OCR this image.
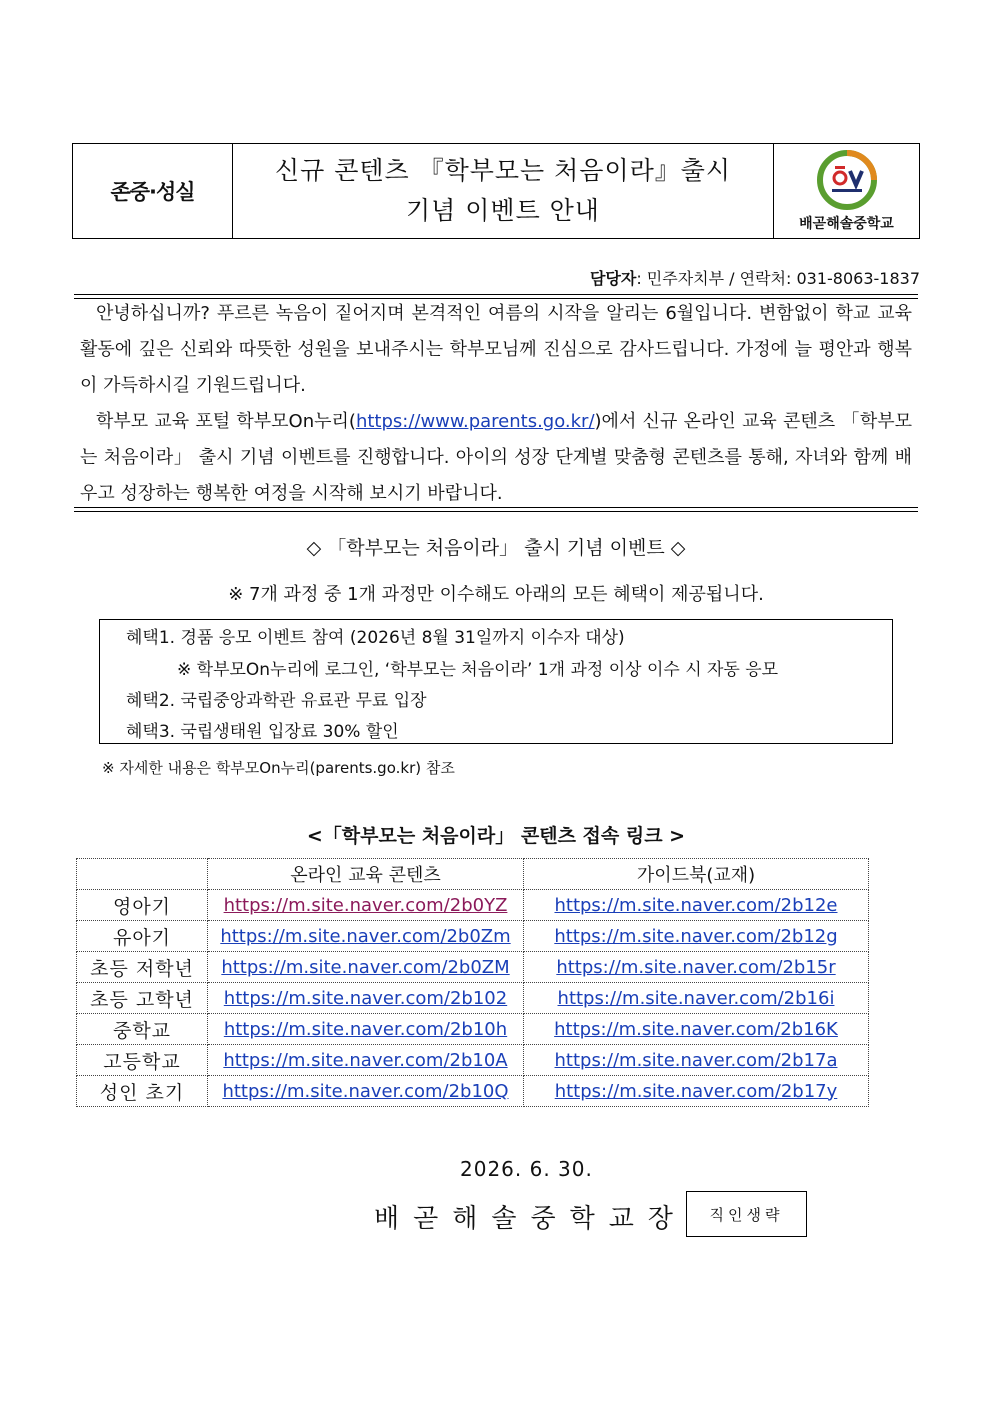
존중·성실
신규 콘텐츠 『학부모는 처음이라』출시
기념 이벤트 안내	배곧해솔중학교
담당자: 민주자치부 / 연락처: 031-8063-1837

안녕하십니까? 푸르른 녹음이 짙어지며 본격적인 여름의 시작을 알리는 6월입니다. 변함없이 학교 교육 활동에 깊은 신뢰와 따뜻한 성원을 보내주시는 학부모님께 진심으로 감사드립니다. 가정에 늘 평안과 행복이 가득하시길 기원드립니다.

학부모 교육 포털 학부모On누리(https://www.parents.go.kr/)에서 신규 온라인 교육 콘텐츠 「학부모는 처음이라」 출시 기념 이벤트를 진행합니다. 아이의 성장 단계별 맞춤형 콘텐츠를 통해, 자녀와 함께 배우고 성장하는 행복한 여정을 시작해 보시기 바랍니다.

◇ 「학부모는 처음이라」 출시 기념 이벤트 ◇
※ 7개 과정 중 1개 과정만 이수해도 아래의 모든 혜택이 제공됩니다.
혜택1. 경품 응모 이벤트 참여 (2026년 8월 31일까지 이수자 대상)
※ 학부모On누리에 로그인, ‘학부모는 처음이라’ 1개 과정 이상 이수 시 자동 응모
혜택2. 국립중앙과학관 유료관 무료 입장
혜택3. 국립생태원 입장료 30% 할인
※ 자세한 내용은 학부모On누리(parents.go.kr) 참조
<「학부모는 처음이라」 콘텐츠 접속 링크 >
	온라인 교육 콘텐츠	가이드북(교재)
영아기	https://m.site.naver.com/2b0YZ	https://m.site.naver.com/2b12e
유아기	https://m.site.naver.com/2b0Zm	https://m.site.naver.com/2b12g
초등 저학년	https://m.site.naver.com/2b0ZM	https://m.site.naver.com/2b15r
초등 고학년	https://m.site.naver.com/2b102	https://m.site.naver.com/2b16i
중학교	https://m.site.naver.com/2b10h	https://m.site.naver.com/2b16K
고등학교	https://m.site.naver.com/2b10A	https://m.site.naver.com/2b17a
성인 초기	https://m.site.naver.com/2b10Q	https://m.site.naver.com/2b17y
2026. 6. 30.
배곧해솔중학교장 직인생략
